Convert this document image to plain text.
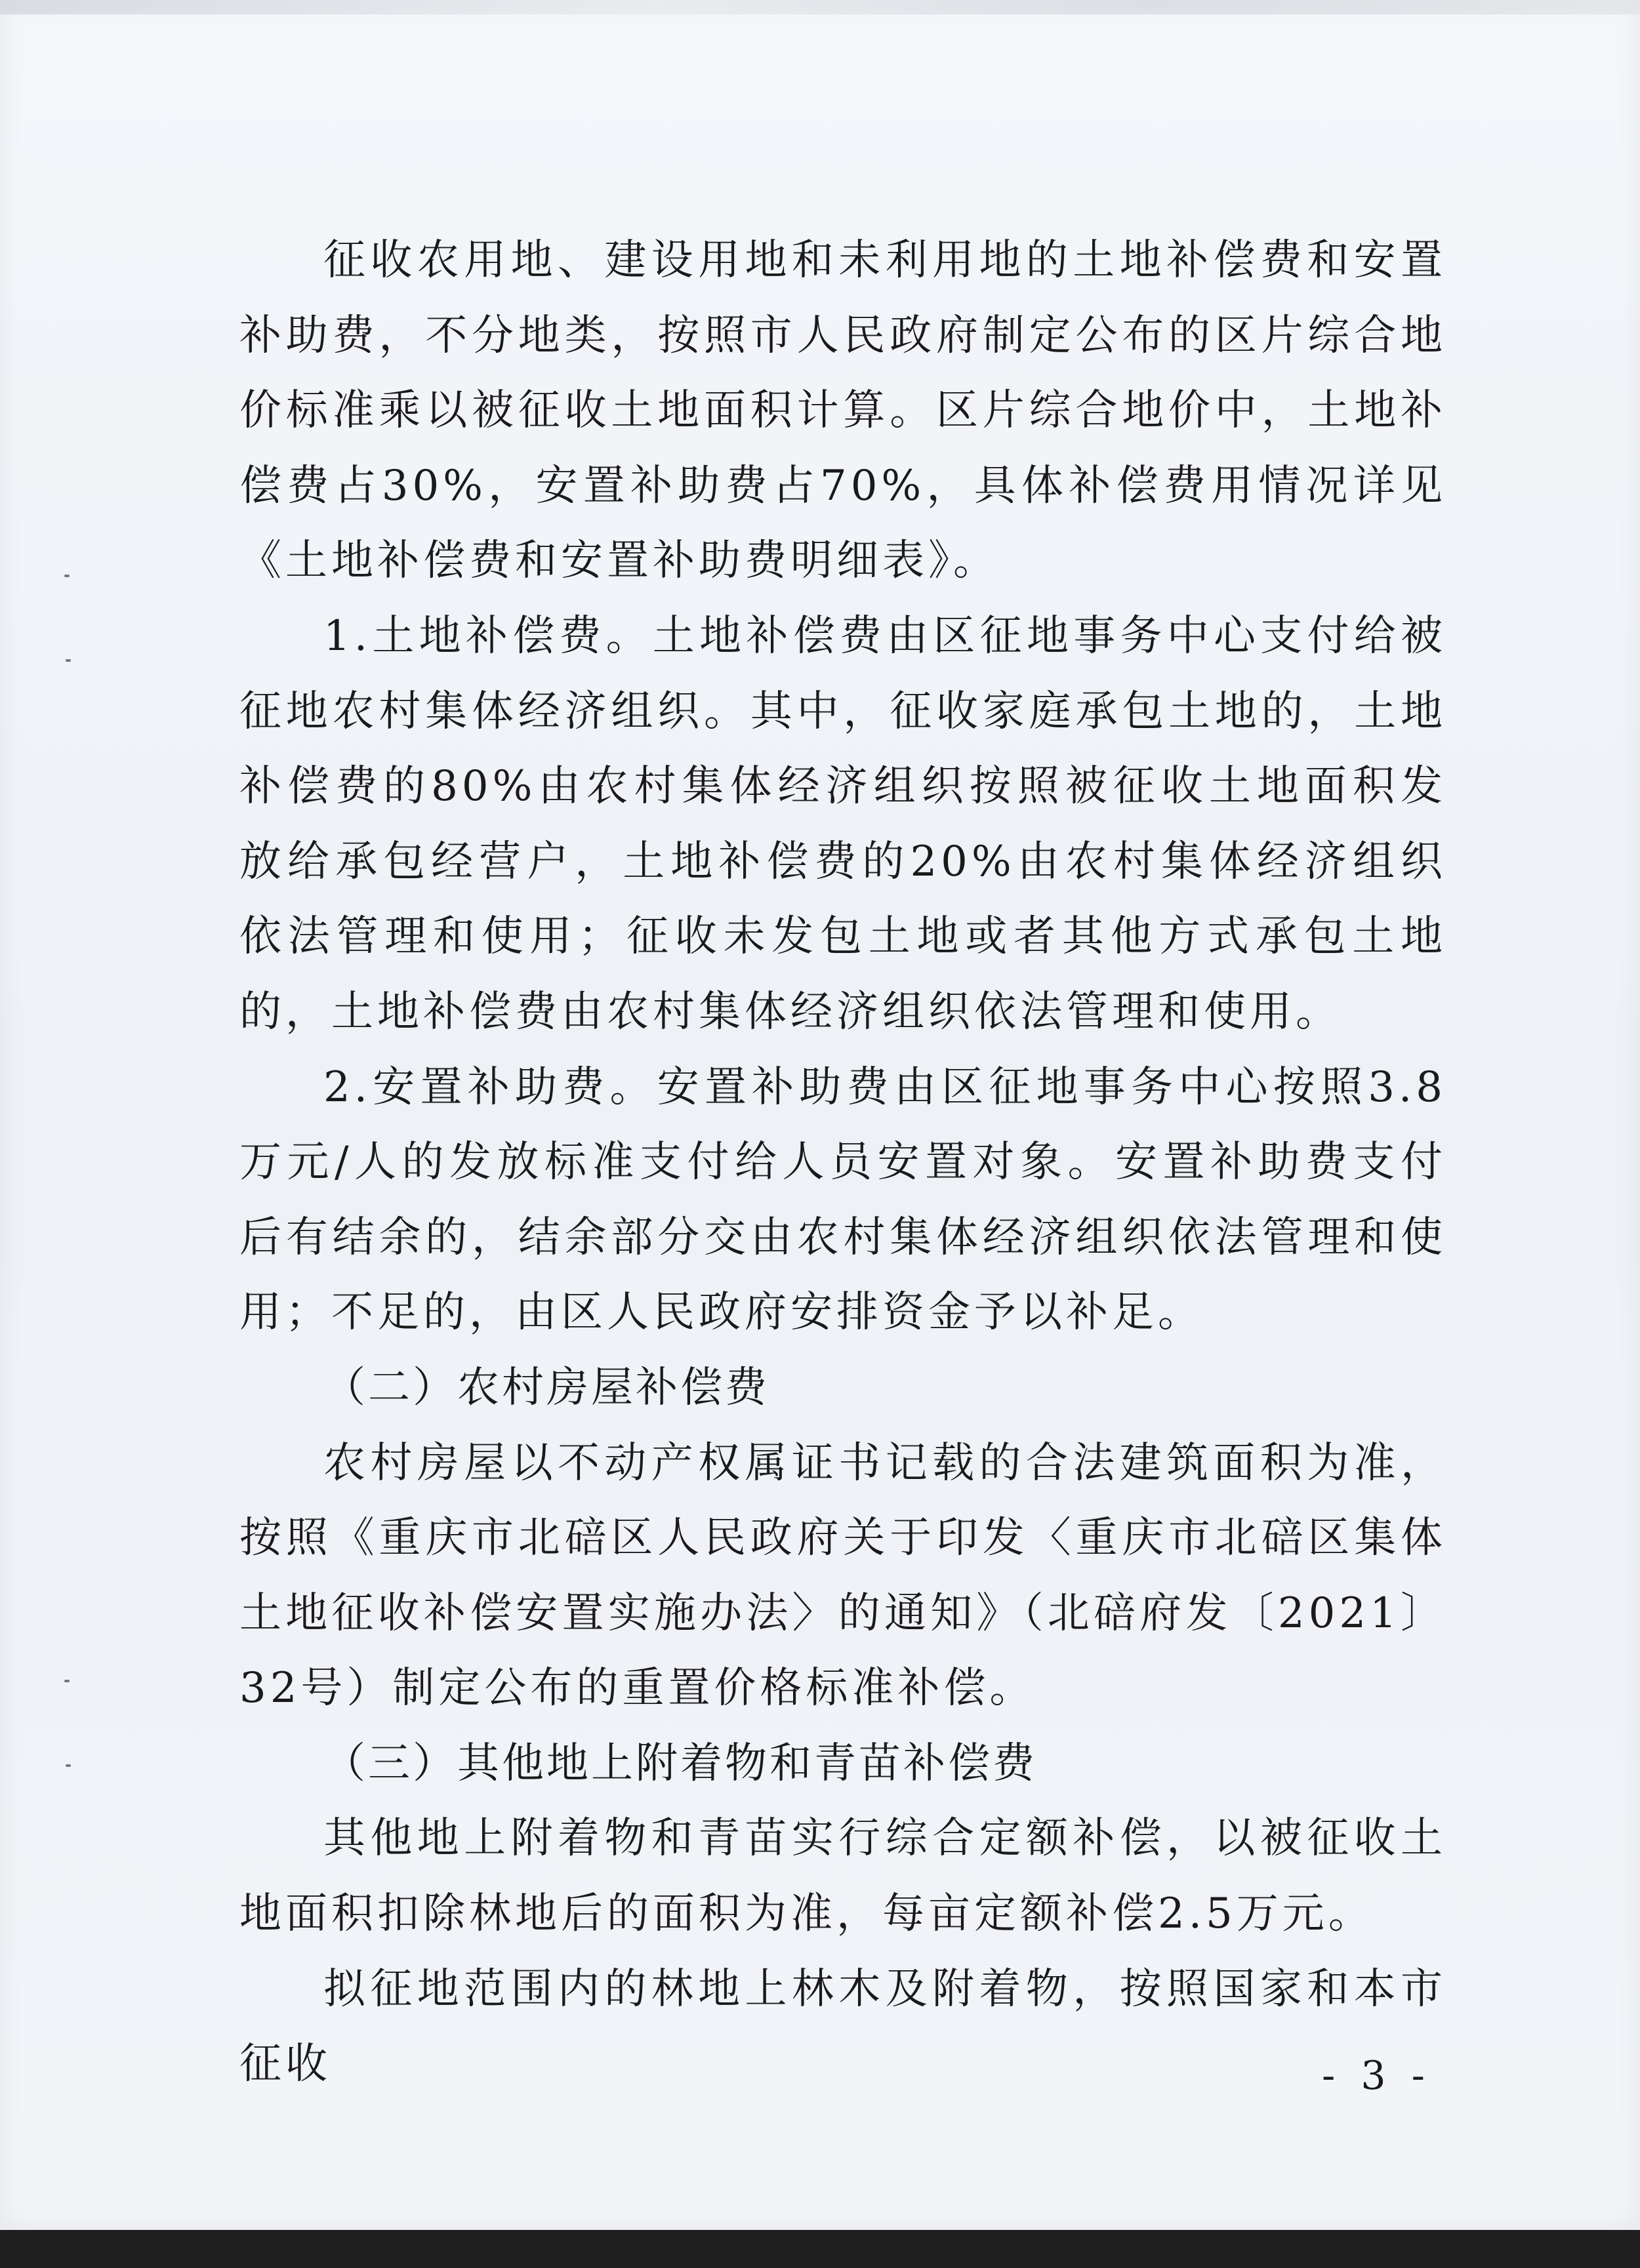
征收农用地、建设用地和未利用地的土地补偿费和安置补助费，不分地类，按照市人民政府制定公布的区片综合地价标准乘以被征收土地面积计算。区片综合地价中，土地补偿费占30%，安置补助费占70%，具体补偿费用情况详见《土地补偿费和安置补助费明细表》。

1.土地补偿费。土地补偿费由区征地事务中心支付给被征地农村集体经济组织。其中，征收家庭承包土地的，土地补偿费的80%由农村集体经济组织按照被征收土地面积发放给承包经营户，土地补偿费的20%由农村集体经济组织依法管理和使用；征收未发包土地或者其他方式承包土地的，土地补偿费由农村集体经济组织依法管理和使用。

2.安置补助费。安置补助费由区征地事务中心按照3.8万元/人的发放标准支付给人员安置对象。安置补助费支付后有结余的，结余部分交由农村集体经济组织依法管理和使用；不足的，由区人民政府安排资金予以补足。

（二）农村房屋补偿费

农村房屋以不动产权属证书记载的合法建筑面积为准，按照《重庆市北碚区人民政府关于印发〈重庆市北碚区集体土地征收补偿安置实施办法〉的通知》（北碚府发〔2021〕32号）制定公布的重置价格标准补偿。

（三）其他地上附着物和青苗补偿费

其他地上附着物和青苗实行综合定额补偿，以被征收土地面积扣除林地后的面积为准，每亩定额补偿2.5万元。

拟征地范围内的林地上林木及附着物，按照国家和本市征收	- 3 -
